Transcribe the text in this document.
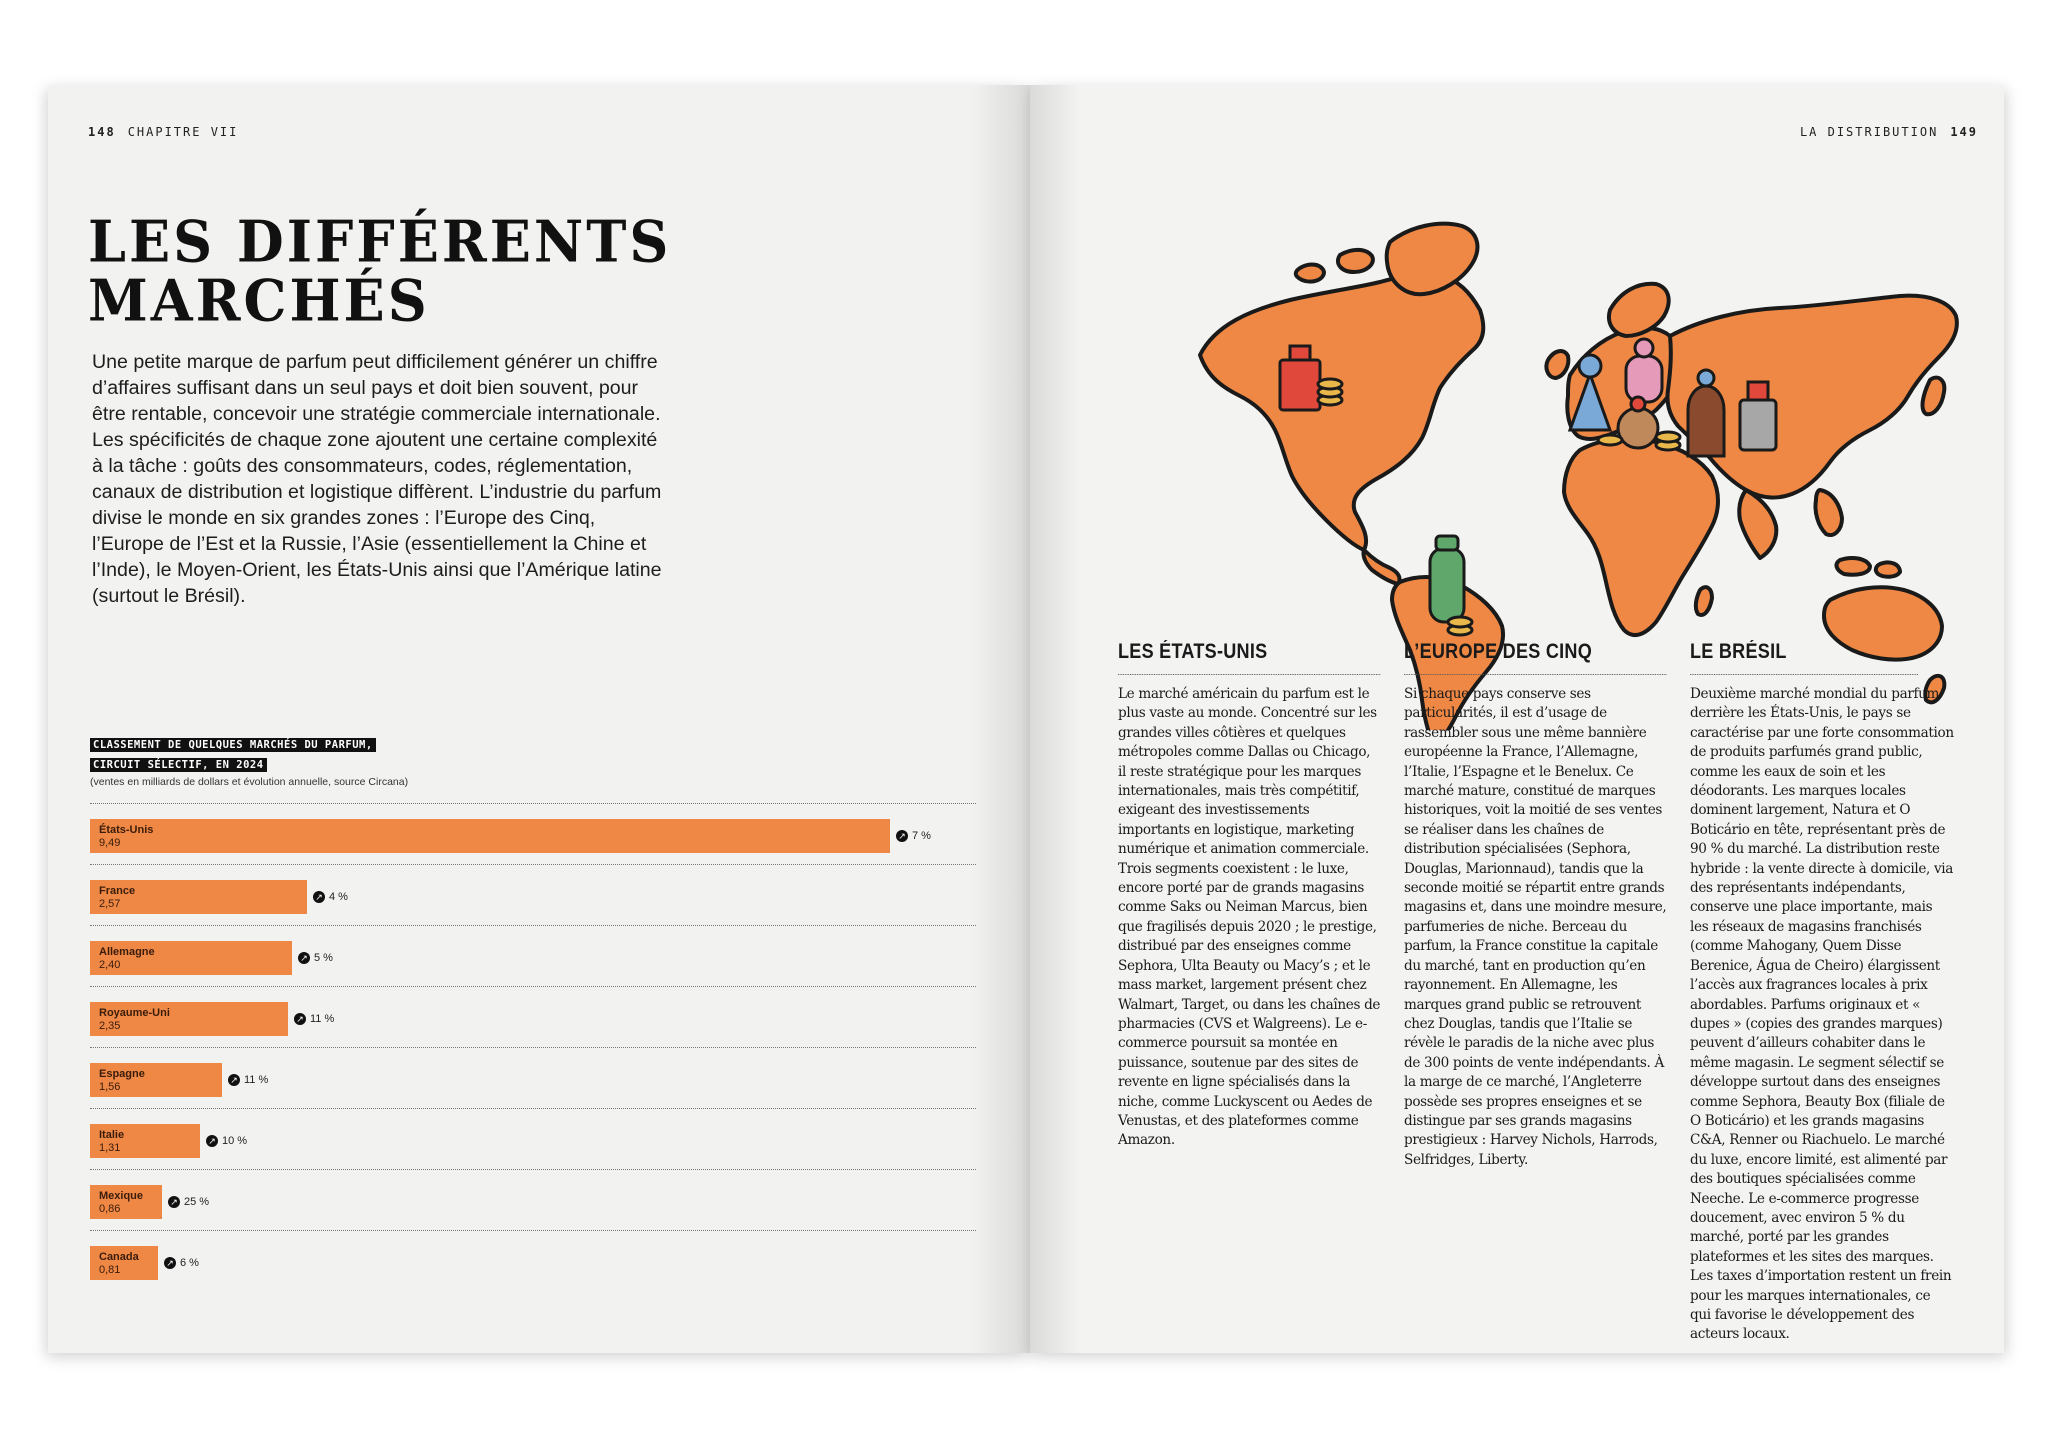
148 CHAPITRE VII
LES DIFFÉRENTS
MARCHÉS

Une petite marque de parfum peut difficilement générer un chiffre d’affaires suffisant dans un seul pays et doit bien souvent, pour être rentable, concevoir une stratégie commerciale internationale. Les spécificités de chaque zone ajoutent une certaine complexité à la tâche : goûts des consommateurs, codes, réglementation, canaux de distribution et logistique diffèrent. L’industrie du parfum divise le monde en six grandes zones : l’Europe des Cinq, l’Europe de l’Est et la Russie, l’Asie (essentiellement la Chine et l’Inde), le Moyen-Orient, les États-Unis ainsi que l’Amérique latine (surtout le Brésil).

CLASSEMENT DE QUELQUES MARCHÉS DU PARFUM,
CIRCUIT SÉLECTIF, EN 2024
(ventes en milliards de dollars et évolution annuelle, source Circana)
États-Unis
9,49
↗ 7 %
France
2,57
↗ 4 %
Allemagne
2,40
↗ 5 %
Royaume-Uni
2,35
↗ 11 %
Espagne
1,56
↗ 11 %
Italie
1,31
↗ 10 %
Mexique
0,86
↗ 25 %
Canada
0,81
↗ 6 %
LA DISTRIBUTION 149
LES ÉTATS-UNIS

Le marché américain du parfum est le plus vaste au monde. Concentré sur les grandes villes côtières et quelques métropoles comme Dallas ou Chicago, il reste stratégique pour les marques internationales, mais très compétitif, exigeant des investissements importants en logistique, marketing numérique et animation commerciale. Trois segments coexistent : le luxe, encore porté par de grands magasins comme Saks ou Neiman Marcus, bien que fragilisés depuis 2020 ; le prestige, distribué par des enseignes comme Sephora, Ulta Beauty ou Macy’s ; et le mass market, largement présent chez Walmart, Target, ou dans les chaînes de pharmacies (CVS et Walgreens). Le e-commerce poursuit sa montée en puissance, soutenue par des sites de revente en ligne spécialisés dans la niche, comme Luckyscent ou Aedes de Venustas, et des plateformes comme Amazon.

L’EUROPE DES CINQ

Si chaque pays conserve ses particularités, il est d’usage de rassembler sous une même bannière européenne la France, l’Allemagne, l’Italie, l’Espagne et le Benelux. Ce marché mature, constitué de marques historiques, voit la moitié de ses ventes se réaliser dans les chaînes de distribution spécialisées (Sephora, Douglas, Marionnaud), tandis que la seconde moitié se répartit entre grands magasins et, dans une moindre mesure, parfumeries de niche. Berceau du parfum, la France constitue la capitale du marché, tant en production qu’en rayonnement. En Allemagne, les marques grand public se retrouvent chez Douglas, tandis que l’Italie se révèle le paradis de la niche avec plus de 300 points de vente indépendants. À la marge de ce marché, l’Angleterre possède ses propres enseignes et se distingue par ses grands magasins prestigieux : Harvey Nichols, Harrods, Selfridges, Liberty.

LE BRÉSIL

Deuxième marché mondial du parfum derrière les États-Unis, le pays se caractérise par une forte consommation de produits parfumés grand public, comme les eaux de soin et les déodorants. Les marques locales dominent largement, Natura et O Boticário en tête, représentant près de 90 % du marché. La distribution reste hybride : la vente directe à domicile, via des représentants indépendants, conserve une place importante, mais les réseaux de magasins franchisés (comme Mahogany, Quem Disse Berenice, Água de Cheiro) élargissent l’accès aux fragrances locales à prix abordables. Parfums originaux et « dupes » (copies des grandes marques) peuvent d’ailleurs cohabiter dans le même magasin. Le segment sélectif se développe surtout dans des enseignes comme Sephora, Beauty Box (filiale de O Boticário) et les grands magasins C&A, Renner ou Riachuelo. Le marché du luxe, encore limité, est alimenté par des boutiques spécialisées comme Neeche. Le e-commerce progresse doucement, avec environ 5 % du marché, porté par les grandes plateformes et les sites des marques. Les taxes d’importation restent un frein pour les marques internationales, ce qui favorise le développement des acteurs locaux.
